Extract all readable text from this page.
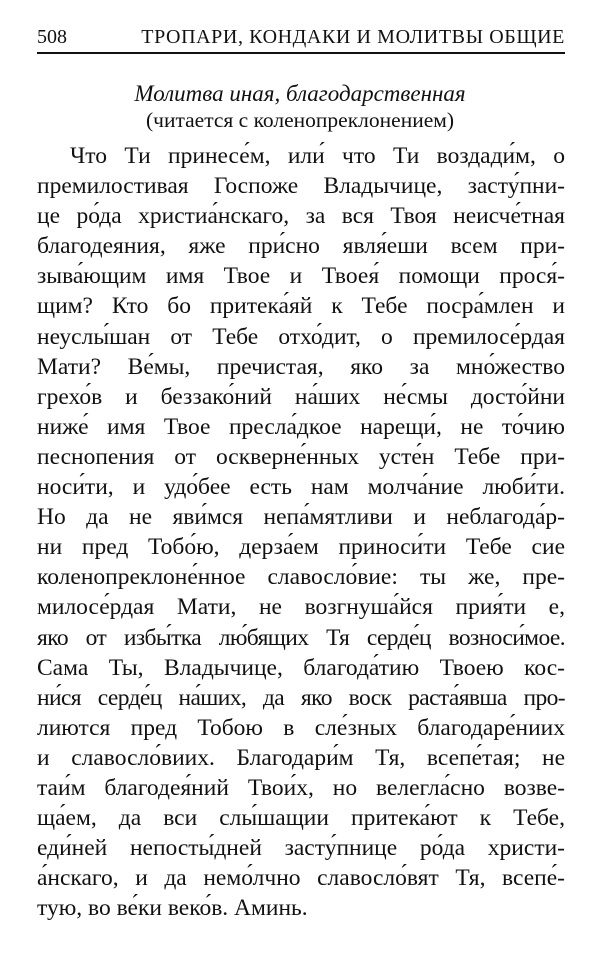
508	ТРОПАРИ, КОНДАКИ И МОЛИТВЫ ОБЩИЕ
Молитва иная, благодарственная
(читается с коленопреклонением)
Что Ти принесе́м, или́ что Ти воздади́м, о
премилостивая Госпоже Владычице, засту́пни-
це ро́да христиа́нскаго, за вся Твоя неисче́тная
благодеяния, яже при́сно явля́еши всем при-
зыва́ющим имя Твое и Твоея́ помощи прося́-
щим? Кто бо притека́яй к Тебе посра́млен и
неуслы́шан от Тебе отхо́дит, о премилосе́рдая
Мати? Ве́мы, пречистая, яко за мно́жество
грехо́в и беззако́ний на́ших не́смы досто́йни
ниже́ имя Твое пресла́дкое нарещи́, не то́чию
песнопения от оскверне́нных усте́н Тебе при-
носи́ти, и удо́бее есть нам молча́ние люби́ти.
Но да не яви́мся непа́мятливи и неблагода́р-
ни пред Тобо́ю, дерза́ем приноси́ти Тебе сие
коленопреклоне́нное славосло́вие: ты же, пре-
милосе́рдая Мати, не возгнуша́йся прия́ти е,
яко от избы́тка лю́бящих Тя серде́ц возноси́мое.
Сама Ты, Владычице, благода́тию Твоею кос-
ни́ся серде́ц на́ших, да яко воск раста́явша про-
лиются пред Тобою в сле́зных благодаре́ниих
и славосло́виих. Благодари́м Тя, всепе́тая; не
таи́м благодея́ний Твои́х, но велегла́сно возве-
ща́ем, да вси слы́шащии притека́ют к Тебе,
еди́ней непосты́дней засту́пнице ро́да христи-
а́нскаго, и да немо́лчно славосло́вят Тя, всепе́-
тую, во ве́ки веко́в. Аминь.
